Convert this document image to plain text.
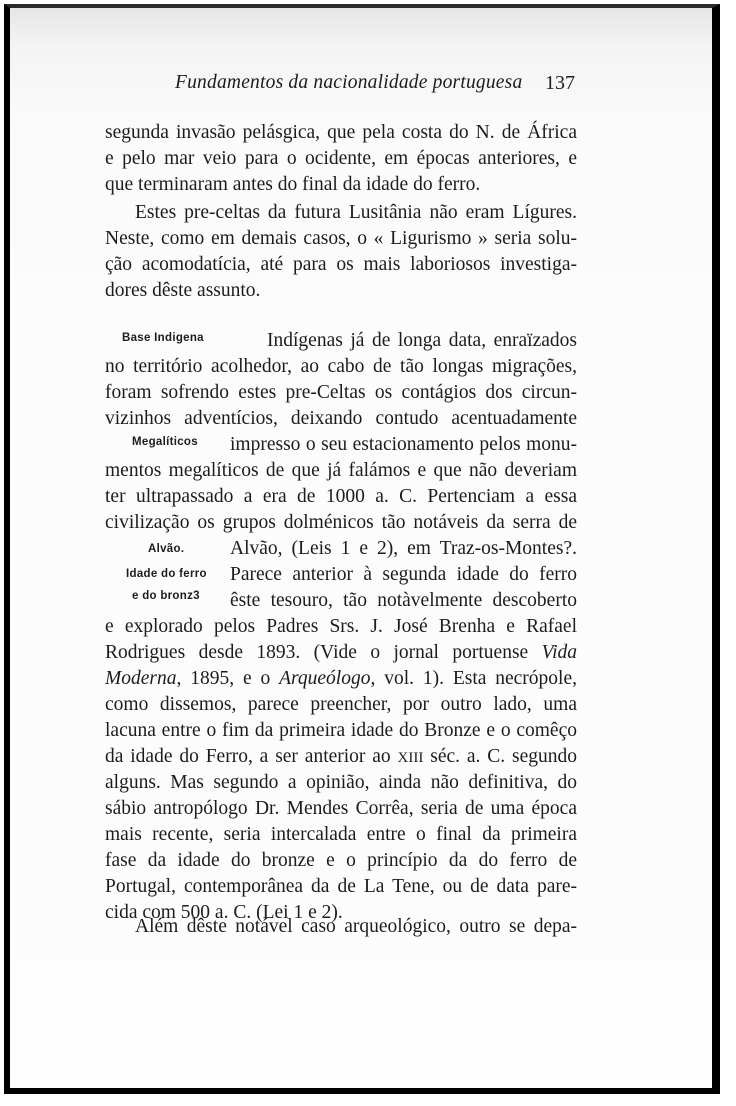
Fundamentos da nacionalidade portuguesa 137
segunda invasão pelásgica, que pela costa do N. de África
e pelo mar veio para o ocidente, em épocas anteriores, e
que terminaram antes do final da idade do ferro.
Estes pre-celtas da futura Lusitânia não eram Lígures.
Neste, como em demais casos, o « Ligurismo » seria solu-
ção acomodatícia, até para os mais laboriosos investiga-
dores dêste assunto.
Base Indigena
Megalíticos
Alvão.
Idade do ferro
e do bronz3
Indígenas já de longa data, enraïzados
no território acolhedor, ao cabo de tão longas migrações,
foram sofrendo estes pre-Celtas os contágios dos circun-
vizinhos adventícios, deixando contudo acentuadamente
impresso o seu estacionamento pelos monu-
mentos megalíticos de que já falámos e que não deveriam
ter ultrapassado a era de 1000 a. C. Pertenciam a essa
civilização os grupos dolménicos tão notáveis da serra de
Alvão, (Leis 1 e 2), em Traz-os-Montes?.
Parece anterior à segunda idade do ferro
êste tesouro, tão notàvelmente descoberto
e explorado pelos Padres Srs. J. José Brenha e Rafael
Rodrigues desde 1893. (Vide o jornal portuense Vida
Moderna, 1895, e o Arqueólogo, vol. 1). Esta necrópole,
como dissemos, parece preencher, por outro lado, uma
lacuna entre o fim da primeira idade do Bronze e o comêço
da idade do Ferro, a ser anterior ao XIII séc. a. C. segundo
alguns. Mas segundo a opinião, ainda não definitiva, do
sábio antropólogo Dr. Mendes Corrêa, seria de uma época
mais recente, seria intercalada entre o final da primeira
fase da idade do bronze e o princípio da do ferro de
Portugal, contemporânea da de La Tene, ou de data pare-
cida com 500 a. C. (Lei 1 e 2).
Além dêste notável caso arqueológico, outro se depa-
